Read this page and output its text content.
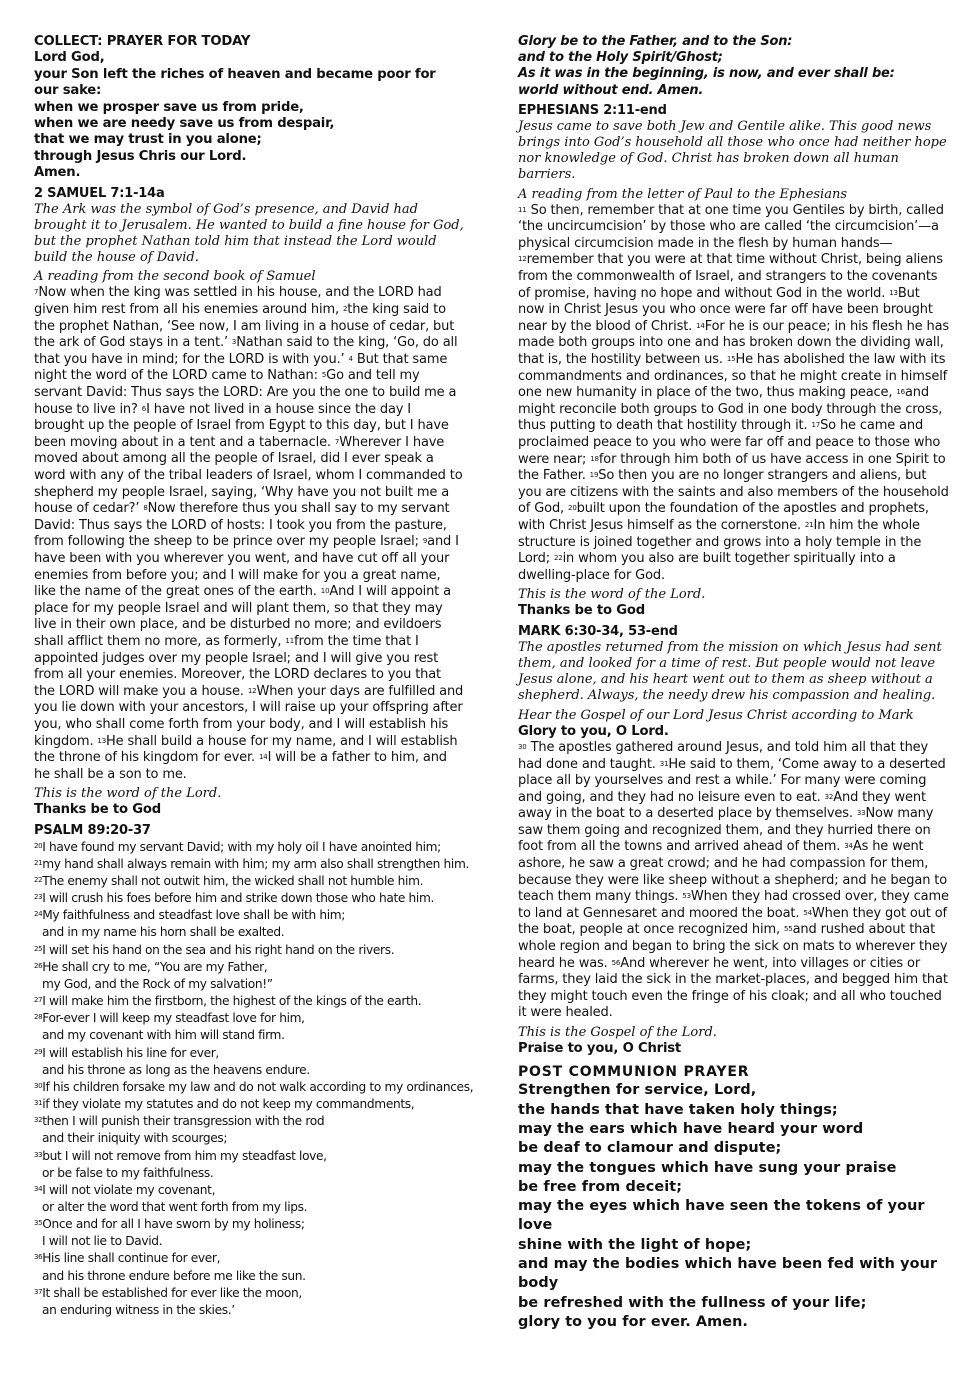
COLLECT: PRAYER FOR TODAY
Lord God,
your Son left the riches of heaven and became poor for our sake:
when we prosper save us from pride,
when we are needy save us from despair,
that we may trust in you alone;
through Jesus Chris our Lord.
Amen.
2 SAMUEL 7:1-14a
The Ark was the symbol of God’s presence, and David had brought it to Jerusalem. He wanted to build a fine house for God, but the prophet Nathan told him that instead the Lord would build the house of David.
A reading from the second book of Samuel
$^7$Now when the king was settled in his house, and the LORD had given him rest from all his enemies around him, $^2$the king said to the prophet Nathan, ‘See now, I am living in a house of cedar, but the ark of God stays in a tent.’ $^3$Nathan said to the king, ‘Go, do all that you have in mind; for the LORD is with you.’ $^4$ But that same night the word of the LORD came to Nathan: $^5$Go and tell my servant David: Thus says the LORD: Are you the one to build me a house to live in? $^6$I have not lived in a house since the day I brought up the people of Israel from Egypt to this day, but I have been moving about in a tent and a tabernacle. $^7$Wherever I have moved about among all the people of Israel, did I ever speak a word with any of the tribal leaders of Israel, whom I commanded to shepherd my people Israel, saying, ‘Why have you not built me a house of cedar?’ $^8$Now therefore thus you shall say to my servant David: Thus says the LORD of hosts: I took you from the pasture, from following the sheep to be prince over my people Israel; $^9$and I have been with you wherever you went, and have cut off all your enemies from before you; and I will make for you a great name, like the name of the great ones of the earth. $^{10}$And I will appoint a place for my people Israel and will plant them, so that they may live in their own place, and be disturbed no more; and evildoers shall afflict them no more, as formerly, $^{11}$from the time that I appointed judges over my people Israel; and I will give you rest from all your enemies. Moreover, the LORD declares to you that the LORD will make you a house. $^{12}$When your days are fulfilled and you lie down with your ancestors, I will raise up your offspring after you, who shall come forth from your body, and I will establish his kingdom. $^{13}$He shall build a house for my name, and I will establish the throne of his kingdom for ever. $^{14}$I will be a father to him, and he shall be a son to me.
This is the word of the Lord.
Thanks be to God
PSALM 89:20-37
$^{20}$I have found my servant David; with my holy oil I have anointed him;
$^{21}$my hand shall always remain with him; my arm also shall strengthen him.
$^{22}$The enemy shall not outwit him, the wicked shall not humble him.
$^{23}$I will crush his foes before him and strike down those who hate him.
$^{24}$My faithfulness and steadfast love shall be with him;
and in my name his horn shall be exalted.
$^{25}$I will set his hand on the sea and his right hand on the rivers.
$^{26}$He shall cry to me, “You are my Father,
my God, and the Rock of my salvation!”
$^{27}$I will make him the firstborn, the highest of the kings of the earth.
$^{28}$For-ever I will keep my steadfast love for him,
and my covenant with him will stand firm.
$^{29}$I will establish his line for ever,
and his throne as long as the heavens endure.
$^{30}$If his children forsake my law and do not walk according to my ordinances,
$^{31}$if they violate my statutes and do not keep my commandments,
$^{32}$then I will punish their transgression with the rod
and their iniquity with scourges;
$^{33}$but I will not remove from him my steadfast love,
or be false to my faithfulness.
$^{34}$I will not violate my covenant,
or alter the word that went forth from my lips.
$^{35}$Once and for all I have sworn by my holiness;
I will not lie to David.
$^{36}$His line shall continue for ever,
and his throne endure before me like the sun.
$^{37}$It shall be established for ever like the moon,
an enduring witness in the skies.’
Glory be to the Father, and to the Son:
and to the Holy Spirit/Ghost;
As it was in the beginning, is now, and ever shall be:
world without end. Amen.
EPHESIANS 2:11-end
Jesus came to save both Jew and Gentile alike. This good news brings into God’s household all those who once had neither hope nor knowledge of God. Christ has broken down all human barriers.
A reading from the letter of Paul to the Ephesians
$^{11}$ So then, remember that at one time you Gentiles by birth, called ‘the uncircumcision’ by those who are called ‘the circumcision’—a physical circumcision made in the flesh by human hands— $^{12}$remember that you were at that time without Christ, being aliens from the commonwealth of Israel, and strangers to the covenants of promise, having no hope and without God in the world. $^{13}$But now in Christ Jesus you who once were far off have been brought near by the blood of Christ. $^{14}$For he is our peace; in his flesh he has made both groups into one and has broken down the dividing wall, that is, the hostility between us. $^{15}$He has abolished the law with its commandments and ordinances, so that he might create in himself one new humanity in place of the two, thus making peace, $^{16}$and might reconcile both groups to God in one body through the cross, thus putting to death that hostility through it. $^{17}$So he came and proclaimed peace to you who were far off and peace to those who were near; $^{18}$for through him both of us have access in one Spirit to the Father. $^{19}$So then you are no longer strangers and aliens, but you are citizens with the saints and also members of the household of God, $^{20}$built upon the foundation of the apostles and prophets, with Christ Jesus himself as the cornerstone. $^{21}$In him the whole structure is joined together and grows into a holy temple in the Lord; $^{22}$in whom you also are built together spiritually into a dwelling-place for God.
This is the word of the Lord.
Thanks be to God
MARK 6:30-34, 53-end
The apostles returned from the mission on which Jesus had sent them, and looked for a time of rest. But people would not leave Jesus alone, and his heart went out to them as sheep without a shepherd. Always, the needy drew his compassion and healing.
Hear the Gospel of our Lord Jesus Christ according to Mark
Glory to you, O Lord.
$^{30}$ The apostles gathered around Jesus, and told him all that they had done and taught. $^{31}$He said to them, ‘Come away to a deserted place all by yourselves and rest a while.’ For many were coming and going, and they had no leisure even to eat. $^{32}$And they went away in the boat to a deserted place by themselves. $^{33}$Now many saw them going and recognized them, and they hurried there on foot from all the towns and arrived ahead of them. $^{34}$As he went ashore, he saw a great crowd; and he had compassion for them, because they were like sheep without a shepherd; and he began to teach them many things. $^{53}$When they had crossed over, they came to land at Gennesaret and moored the boat. $^{54}$When they got out of the boat, people at once recognized him, $^{55}$and rushed about that whole region and began to bring the sick on mats to wherever they heard he was. $^{56}$And wherever he went, into villages or cities or farms, they laid the sick in the market-places, and begged him that they might touch even the fringe of his cloak; and all who touched it were healed.
This is the Gospel of the Lord.
Praise to you, O Christ
POST COMMUNION PRAYER
Strengthen for service, Lord,
the hands that have taken holy things;
may the ears which have heard your word
be deaf to clamour and dispute;
may the tongues which have sung your praise
be free from deceit;
may the eyes which have seen the tokens of your love
shine with the light of hope;
and may the bodies which have been fed with your body
be refreshed with the fullness of your life;
glory to you for ever. Amen.
